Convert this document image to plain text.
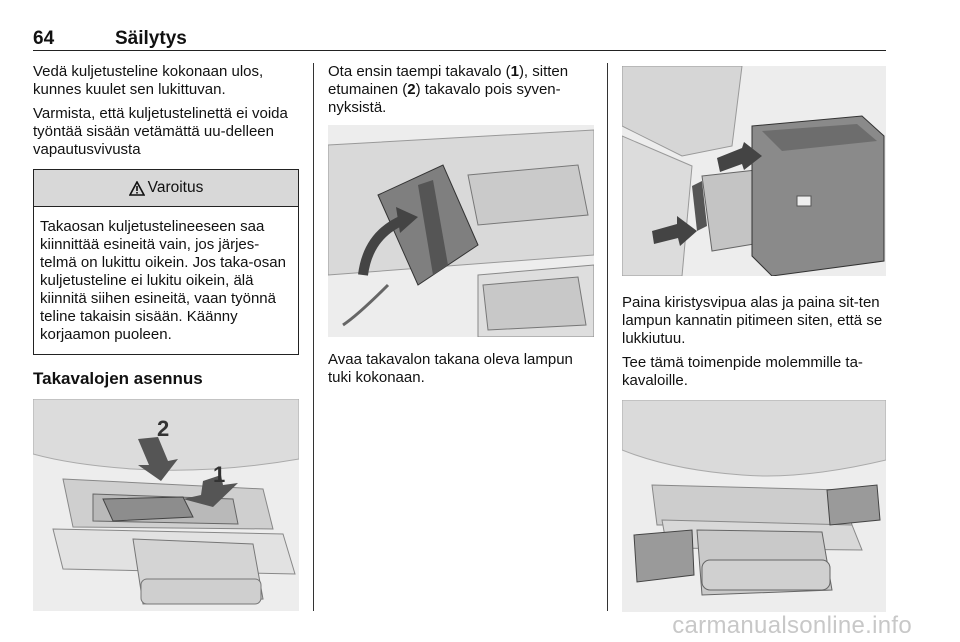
64	Säilytys

Vedä kuljetusteline kokonaan ulos, kunnes kuulet sen lukittuvan.

Varmista, että kuljetustelinettä ei voida työntää sisään vetämättä uu-delleen vapautusvivusta

Varoitus
Takaosan kuljetustelineeseen saa kiinnittää esineitä vain, jos järjes-telmä on lukittu oikein. Jos taka-osan kuljetusteline ei lukitu oikein, älä kiinnitä siihen esineitä, vaan työnnä teline takaisin sisään. Käänny korjaamon puoleen.
Takavalojen asennus
2
1

Ota ensin taempi takavalo (1), sitten etumainen (2) takavalo pois syven-nyksistä.

Avaa takavalon takana oleva lampun tuki kokonaan.

Paina kiristysvipua alas ja paina sit-ten lampun kannatin pitimeen siten, että se lukkiutuu.

Tee tämä toimenpide molemmille ta-kavaloille.

carmanualsonline.info
